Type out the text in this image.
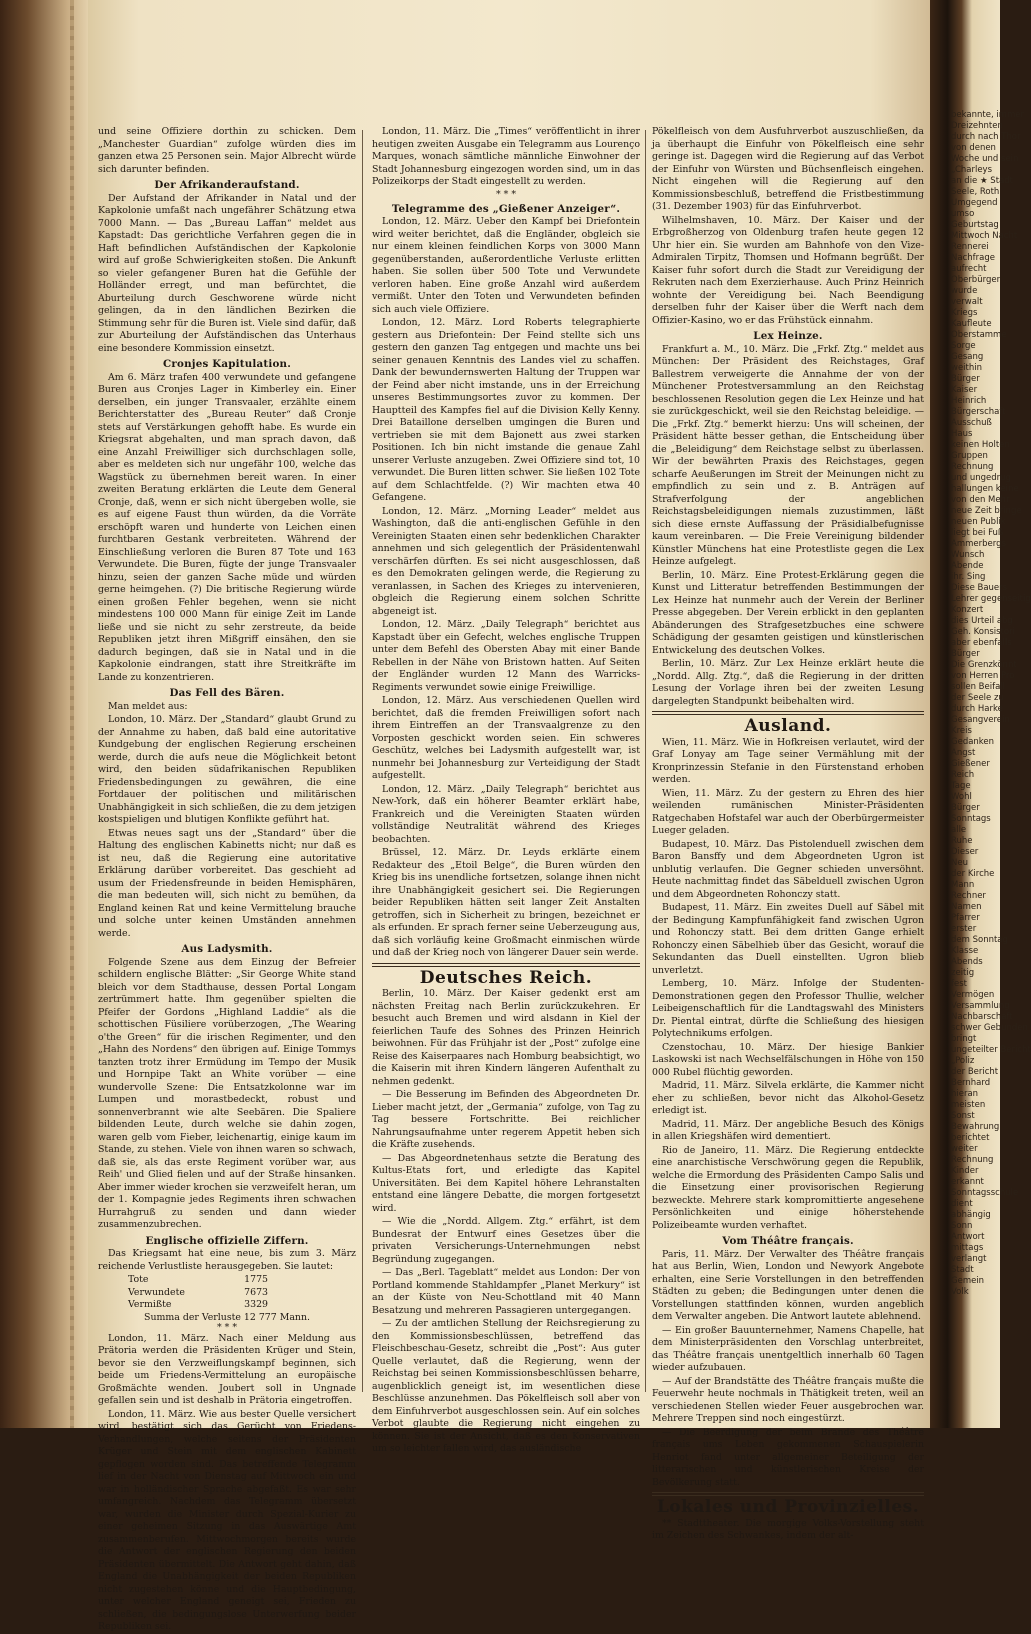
bekannte, immer
Dreizehnten
durch nach Thor
von denen
Woche und sein
„Charleys
an die ★ Stadt
Seele, Roth
Umgegend
umso
Geburtstag
Mittwoch Nacht
Rennerei
Nachfrage
aufrecht
Oberbürger
wurde
verwalt
Kriegs
Kaufleute
Oberstamme
Sorge
Gesang
weithin
Bürger
Kaiser
Heinrich
Bürgerschaft
Ausschuß
Haus
keinen Holten
Gruppen
Rechnung
und ungedrug
hallungen keine
von den Mehr
neue Zeit bringe
neuen Publik
liegt bei Fuß
Ammerbergs
Wunsch
Abende
ihr. Sing
Diese Bauers
Lehrer gegenseitig
Konzert
dies Urteil abg
Geh. Konsistori
aber ebenfalls
Bürger
Die Grenzkönnt
von Herren Pro
sollen Beifall
der Seele zu
durch Harke
Gesangverein
Kreis
Gedanken
Angst
Gießener
Reich
Tage
Wohl
Bürger
Sonntags
alle
Ruhe
Dieser
Neu
der Kirche
Mann
Rechner
Namen
Pfarrer
erster
dem Sonntag
Klasse
Abends
zeitig
fest
Vermögen
Versammlung
Nachbarschaft
schwer Gebunden
bringt
ungeteilter Bericht
„Poliz
der Bericht
Bernhard
hieran
meisten
Sonst
Bewahrung
berichtet
weiter
Rechnung
Kinder
erkannt
Sonntagsschule
dient
abhängig
Sonn
Antwort
mittags
verlangt
Stadt
Gemein
Volk

und seine Offiziere dorthin zu schicken. Dem „Manchester Guardian“ zufolge würden dies im ganzen etwa 25 Personen sein. Major Albrecht würde sich darunter befinden.

Der Afrikanderaufstand.

Der Aufstand der Afrikander in Natal und der Kapkolonie umfaßt nach ungefährer Schätzung etwa 7000 Mann. — Das „Bureau Laffan“ meldet aus Kapstadt: Das gerichtliche Verfahren gegen die in Haft befindlichen Aufständischen der Kapkolonie wird auf große Schwierigkeiten stoßen. Die Ankunft so vieler gefangener Buren hat die Gefühle der Holländer erregt, und man befürchtet, die Aburteilung durch Geschworene würde nicht gelingen, da in den ländlichen Bezirken die Stimmung sehr für die Buren ist. Viele sind dafür, daß zur Aburteilung der Aufständischen das Unterhaus eine besondere Kommission einsetzt.

Cronjes Kapitulation.

Am 6. März trafen 400 verwundete und gefangene Buren aus Cronjes Lager in Kimberley ein. Einer derselben, ein junger Transvaaler, erzählte einem Berichterstatter des „Bureau Reuter“ daß Cronje stets auf Verstärkungen gehofft habe. Es wurde ein Kriegsrat abgehalten, und man sprach davon, daß eine Anzahl Freiwilliger sich durchschlagen solle, aber es meldeten sich nur ungefähr 100, welche das Wagstück zu übernehmen bereit waren. In einer zweiten Beratung erklärten die Leute dem General Cronje, daß, wenn er sich nicht übergeben wolle, sie es auf eigene Faust thun würden, da die Vorräte erschöpft waren und hunderte von Leichen einen furchtbaren Gestank verbreiteten. Während der Einschließung verloren die Buren 87 Tote und 163 Verwundete. Die Buren, fügte der junge Transvaaler hinzu, seien der ganzen Sache müde und würden gerne heimgehen. (?) Die britische Regierung würde einen großen Fehler begehen, wenn sie nicht mindestens 100 000 Mann für einige Zeit im Lande ließe und sie nicht zu sehr zerstreute, da beide Republiken jetzt ihren Mißgriff einsähen, den sie dadurch begingen, daß sie in Natal und in die Kapkolonie eindrangen, statt ihre Streitkräfte im Lande zu konzentrieren.

Das Fell des Bären.

Man meldet aus:

London, 10. März. Der „Standard“ glaubt Grund zu der Annahme zu haben, daß bald eine autoritative Kundgebung der englischen Regierung erscheinen werde, durch die aufs neue die Möglichkeit betont wird, den beiden südafrikanischen Republiken Friedensbedingungen zu gewähren, die eine Fortdauer der politischen und militärischen Unabhängigkeit in sich schließen, die zu dem jetzigen kostspieligen und blutigen Konflikte geführt hat.

Etwas neues sagt uns der „Standard“ über die Haltung des englischen Kabinetts nicht; nur daß es ist neu, daß die Regierung eine autoritative Erklärung darüber vorbereitet. Das geschieht ad usum der Friedensfreunde in beiden Hemisphären, die man bedeuten will, sich nicht zu bemühen, da England keinen Rat und keine Vermittelung brauche und solche unter keinen Umständen annehmen werde.

Aus Ladysmith.

Folgende Szene aus dem Einzug der Befreier schildern englische Blätter: „Sir George White stand bleich vor dem Stadthause, dessen Portal Longam zertrümmert hatte. Ihm gegenüber spielten die Pfeifer der Gordons „Highland Laddie“ als die schottischen Füsiliere vorüberzogen, „The Wearing o'the Green“ für die irischen Regimenter, und den „Hahn des Nordens“ den übrigen auf. Einige Tommys tanzten trotz ihrer Ermüdung im Tempo der Musik und Hornpipe Takt an White vorüber — eine wundervolle Szene: Die Entsatzkolonne war im Lumpen und morastbedeckt, robust und sonnenverbrannt wie alte Seebären. Die Spaliere bildenden Leute, durch welche sie dahin zogen, waren gelb vom Fieber, leichenartig, einige kaum im Stande, zu stehen. Viele von ihnen waren so schwach, daß sie, als das erste Regiment vorüber war, aus Reih' und Glied fielen und auf der Straße hinsanken. Aber immer wieder krochen sie verzweifelt heran, um der 1. Kompagnie jedes Regiments ihren schwachen Hurrahgruß zu senden und dann wieder zusammenzubrechen.

Englische offizielle Ziffern.

Das Kriegsamt hat eine neue, bis zum 3. März reichende Verlustliste herausgegeben. Sie lautet:

Tote	1775
Verwundete	7673
Vermißte	3329
Summa der Verluste 12 777 Mann.
* * *

London, 11. März. Nach einer Meldung aus Prätoria werden die Präsidenten Krüger und Stein, bevor sie den Verzweiflungskampf beginnen, sich beide um Friedens-Vermittelung an europäische Großmächte wenden. Joubert soll in Ungnade gefallen sein und ist deshalb in Prätoria eingetroffen.

London, 11. März. Wie aus bester Quelle versichert wird, bestätigt sich das Gerücht von Friedens-Verhandlungen, welche seitens der Präsidenten Krüger und Stein mit dem englischen Kabinett gepflogen worden sind. Das betreffende Telegramm lief in der Nacht von Dienstag auf Mittwoch ein und war in holländischer Sprache abgefaßt. Es war sehr umfangreich. Nachdem das Telegramm übersetzt war, wurden die Minister durch Spezial-Kurier zu einer geheimen Sitzung in das Auswärtige Amt zusammenberufen. Mittwochmorgen bereits wurde die Antwort der englischen Regierung den beiden Präsidenten übermittelt. Die Antwort geht dahin, daß England die Unabhängigkeit der beiden Republiken nicht zugestehen könne und die Hauptbedingung, unter welcher England geneigt sei, Frieden zu schließen, die bedingungslose Unterwerfung beider Republiken sei.

London, 11. März. Die „Times“ veröffentlicht in ihrer heutigen zweiten Ausgabe ein Telegramm aus Lourenço Marques, wonach sämtliche männliche Einwohner der Stadt Johannesburg eingezogen worden sind, um in das Polizeikorps der Stadt eingestellt zu werden.

* * *
Telegramme des „Gießener Anzeiger“.

London, 12. März. Ueber den Kampf bei Driefontein wird weiter berichtet, daß die Engländer, obgleich sie nur einem kleinen feindlichen Korps von 3000 Mann gegenüberstanden, außerordentliche Verluste erlitten haben. Sie sollen über 500 Tote und Verwundete verloren haben. Eine große Anzahl wird außerdem vermißt. Unter den Toten und Verwundeten befinden sich auch viele Offiziere.

London, 12. März. Lord Roberts telegraphierte gestern aus Driefontein: Der Feind stellte sich uns gestern den ganzen Tag entgegen und machte uns bei seiner genauen Kenntnis des Landes viel zu schaffen. Dank der bewundernswerten Haltung der Truppen war der Feind aber nicht imstande, uns in der Erreichung unseres Bestimmungsortes zuvor zu kommen. Der Hauptteil des Kampfes fiel auf die Division Kelly Kenny. Drei Bataillone derselben umgingen die Buren und vertrieben sie mit dem Bajonett aus zwei starken Positionen. Ich bin nicht imstande die genaue Zahl unserer Verluste anzugeben. Zwei Offiziere sind tot, 10 verwundet. Die Buren litten schwer. Sie ließen 102 Tote auf dem Schlachtfelde. (?) Wir machten etwa 40 Gefangene.

London, 12. März. „Morning Leader“ meldet aus Washington, daß die anti-englischen Gefühle in den Vereinigten Staaten einen sehr bedenklichen Charakter annehmen und sich gelegentlich der Präsidentenwahl verschärfen dürften. Es sei nicht ausgeschlossen, daß es den Demokraten gelingen werde, die Regierung zu veranlassen, in Sachen des Krieges zu intervenieren, obgleich die Regierung einem solchen Schritte abgeneigt ist.

London, 12. März. „Daily Telegraph“ berichtet aus Kapstadt über ein Gefecht, welches englische Truppen unter dem Befehl des Obersten Abay mit einer Bande Rebellen in der Nähe von Bristown hatten. Auf Seiten der Engländer wurden 12 Mann des Warricks-Regiments verwundet sowie einige Freiwillige.

London, 12. März. Aus verschiedenen Quellen wird berichtet, daß die fremden Freiwilligen sofort nach ihrem Eintreffen an der Transvaalgrenze zu den Vorposten geschickt worden seien. Ein schweres Geschütz, welches bei Ladysmith aufgestellt war, ist nunmehr bei Johannesburg zur Verteidigung der Stadt aufgestellt.

London, 12. März. „Daily Telegraph“ berichtet aus New-York, daß ein höherer Beamter erklärt habe, Frankreich und die Vereinigten Staaten würden vollständige Neutralität während des Krieges beobachten.

Brüssel, 12. März. Dr. Leyds erklärte einem Redakteur des „Etoil Belge“, die Buren würden den Krieg bis ins unendliche fortsetzen, solange ihnen nicht ihre Unabhängigkeit gesichert sei. Die Regierungen beider Republiken hätten seit langer Zeit Anstalten getroffen, sich in Sicherheit zu bringen, bezeichnet er als erfunden. Er sprach ferner seine Ueberzeugung aus, daß sich vorläufig keine Großmacht einmischen würde und daß der Krieg noch von längerer Dauer sein werde.

Deutsches Reich.

Berlin, 10. März. Der Kaiser gedenkt erst am nächsten Freitag nach Berlin zurückzukehren. Er besucht auch Bremen und wird alsdann in Kiel der feierlichen Taufe des Sohnes des Prinzen Heinrich beiwohnen. Für das Frühjahr ist der „Post“ zufolge eine Reise des Kaiserpaares nach Homburg beabsichtigt, wo die Kaiserin mit ihren Kindern längeren Aufenthalt zu nehmen gedenkt.

— Die Besserung im Befinden des Abgeordneten Dr. Lieber macht jetzt, der „Germania“ zufolge, von Tag zu Tag bessere Fortschritte. Bei reichlicher Nahrungsaufnahme unter regerem Appetit heben sich die Kräfte zusehends.

— Das Abgeordnetenhaus setzte die Beratung des Kultus-Etats fort, und erledigte das Kapitel Universitäten. Bei dem Kapitel höhere Lehranstalten entstand eine längere Debatte, die morgen fortgesetzt wird.

— Wie die „Nordd. Allgem. Ztg.“ erfährt, ist dem Bundesrat der Entwurf eines Gesetzes über die privaten Versicherungs-Unternehmungen nebst Begründung zugegangen.

— Das „Berl. Tageblatt“ meldet aus London: Der von Portland kommende Stahldampfer „Planet Merkury“ ist an der Küste von Neu-Schottland mit 40 Mann Besatzung und mehreren Passagieren untergegangen.

— Zu der amtlichen Stellung der Reichsregierung zu den Kommissionsbeschlüssen, betreffend das Fleischbeschau-Gesetz, schreibt die „Post“: Aus guter Quelle verlautet, daß die Regierung, wenn der Reichstag bei seinen Kommissionsbeschlüssen beharre, augenblicklich geneigt ist, im wesentlichen diese Beschlüsse anzunehmen. Das Pökelfleisch soll aber von dem Einfuhrverbot ausgeschlossen sein. Auf ein solches Verbot glaubte die Regierung nicht eingehen zu können. Sie ist der Ansicht, daß es den Konservativen um so leichter fallen wird, das ausländische

Pökelfleisch von dem Ausfuhrverbot auszuschließen, da ja überhaupt die Einfuhr von Pökelfleisch eine sehr geringe ist. Dagegen wird die Regierung auf das Verbot der Einfuhr von Würsten und Büchsenfleisch eingehen. Nicht eingehen will die Regierung auf den Kommissionsbeschluß, betreffend die Fristbestimmung (31. Dezember 1903) für das Einfuhrverbot.

Wilhelmshaven, 10. März. Der Kaiser und der Erbgroßherzog von Oldenburg trafen heute gegen 12 Uhr hier ein. Sie wurden am Bahnhofe von den Vize-Admiralen Tirpitz, Thomsen und Hofmann begrüßt. Der Kaiser fuhr sofort durch die Stadt zur Vereidigung der Rekruten nach dem Exerzierhause. Auch Prinz Heinrich wohnte der Vereidigung bei. Nach Beendigung derselben fuhr der Kaiser über die Werft nach dem Offizier-Kasino, wo er das Frühstück einnahm.

Lex Heinze.

Frankfurt a. M., 10. März. Die „Frkf. Ztg.“ meldet aus München: Der Präsident des Reichstages, Graf Ballestrem verweigerte die Annahme der von der Münchener Protestversammlung an den Reichstag beschlossenen Resolution gegen die Lex Heinze und hat sie zurückgeschickt, weil sie den Reichstag beleidige. — Die „Frkf. Ztg.“ bemerkt hierzu: Uns will scheinen, der Präsident hätte besser gethan, die Entscheidung über die „Beleidigung“ dem Reichstage selbst zu überlassen. Wir der bewährten Praxis des Reichstages, gegen scharfe Aeußerungen im Streit der Meinungen nicht zu empfindlich zu sein und z. B. Anträgen auf Strafverfolgung der angeblichen Reichstagsbeleidigungen niemals zuzustimmen, läßt sich diese ernste Auffassung der Präsidialbefugnisse kaum vereinbaren. — Die Freie Vereinigung bildender Künstler Münchens hat eine Protestliste gegen die Lex Heinze aufgelegt.

Berlin, 10. März. Eine Protest-Erklärung gegen die Kunst und Litteratur betreffenden Bestimmungen der Lex Heinze hat nunmehr auch der Verein der Berliner Presse abgegeben. Der Verein erblickt in den geplanten Abänderungen des Strafgesetzbuches eine schwere Schädigung der gesamten geistigen und künstlerischen Entwickelung des deutschen Volkes.

Berlin, 10. März. Zur Lex Heinze erklärt heute die „Nordd. Allg. Ztg.“, daß die Regierung in der dritten Lesung der Vorlage ihren bei der zweiten Lesung dargelegten Standpunkt beibehalten wird.

Ausland.

Wien, 11. März. Wie in Hofkreisen verlautet, wird der Graf Lonyay am Tage seiner Vermählung mit der Kronprinzessin Stefanie in den Fürstenstand erhoben werden.

Wien, 11. März. Zu der gestern zu Ehren des hier weilenden rumänischen Minister-Präsidenten Ratgechaben Hofstafel war auch der Oberbürgermeister Lueger geladen.

Budapest, 10. März. Das Pistolenduell zwischen dem Baron Bansffy und dem Abgeordneten Ugron ist unblutig verlaufen. Die Gegner schieden unversöhnt. Heute nachmittag findet das Säbelduell zwischen Ugron und dem Abgeordneten Rohonczy statt.

Budapest, 11. März. Ein zweites Duell auf Säbel mit der Bedingung Kampfunfähigkeit fand zwischen Ugron und Rohonczy statt. Bei dem dritten Gange erhielt Rohonczy einen Säbelhieb über das Gesicht, worauf die Sekundanten das Duell einstellten. Ugron blieb unverletzt.

Lemberg, 10. März. Infolge der Studenten-Demonstrationen gegen den Professor Thullie, welcher Leibeigenschaftlich für die Landtagswahl des Ministers Dr. Piental eintrat, dürfte die Schließung des hiesigen Polytechnikums erfolgen.

Czenstochau, 10. März. Der hiesige Bankier Laskowski ist nach Wechselfälschungen in Höhe von 150 000 Rubel flüchtig geworden.

Madrid, 11. März. Silvela erklärte, die Kammer nicht eher zu schließen, bevor nicht das Alkohol-Gesetz erledigt ist.

Madrid, 11. März. Der angebliche Besuch des Königs in allen Kriegshäfen wird dementiert.

Rio de Janeiro, 11. März. Die Regierung entdeckte eine anarchistische Verschwörung gegen die Republik, welche die Ermordung des Präsidenten Campo Salis und die Einsetzung einer provisorischen Regierung bezweckte. Mehrere stark kompromittierte angesehene Persönlichkeiten und einige höherstehende Polizeibeamte wurden verhaftet.

Vom Théâtre français.

Paris, 11. März. Der Verwalter des Théâtre français hat aus Berlin, Wien, London und Newyork Angebote erhalten, eine Serie Vorstellungen in den betreffenden Städten zu geben; die Bedingungen unter denen die Vorstellungen stattfinden können, wurden angeblich dem Verwalter angeben. Die Antwort lautete ablehnend.

— Ein großer Bauunternehmer, Namens Chapelle, hat dem Ministerpräsidenten den Vorschlag unterbreitet, das Théâtre français unentgeltlich innerhalb 60 Tagen wieder aufzubauen.

— Auf der Brandstätte des Théâtre français mußte die Feuerwehr heute nochmals in Thätigkeit treten, weil an verschiedenen Stellen wieder Feuer ausgebrochen war. Mehrere Treppen sind noch eingestürzt.

— Die Beerdigung der beim Brande des Théâtre français ums Leben gekommenen Schauspielerin Henriot fand unter allgemeiner Beteiligung der litterarischen und künstlerischen Kreise der Bevölkerung statt.

Lokales und Provinzielles.

** Stadttheater. Die morgige Volks-Vorstellung steht im Zeichen des Schwankes, indem der alt-
